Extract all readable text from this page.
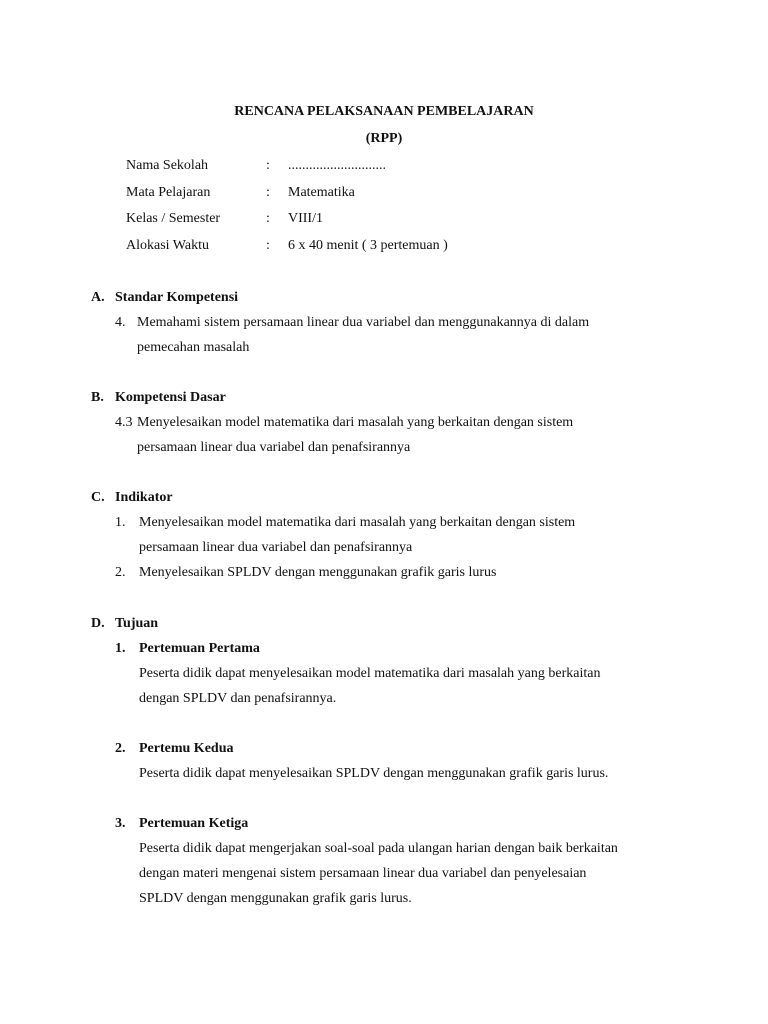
RENCANA PELAKSANAAN PEMBELAJARAN
(RPP)
Nama Sekolah	:	............................
Mata Pelajaran	:	Matematika
Kelas / Semester	:	VIII/1
Alokasi Waktu	:	6 x 40 menit ( 3 pertemuan )
A. Standar Kompetensi
4. Memahami sistem persamaan linear dua variabel dan menggunakannya di dalam
pemecahan masalah
B. Kompetensi Dasar
4.3 Menyelesaikan model matematika dari masalah yang berkaitan dengan sistem
persamaan linear dua variabel dan penafsirannya
C. Indikator
1. Menyelesaikan model matematika dari masalah yang berkaitan dengan sistem
persamaan linear dua variabel dan penafsirannya
2. Menyelesaikan SPLDV dengan menggunakan grafik garis lurus
D. Tujuan
1. Pertemuan Pertama
Peserta didik dapat menyelesaikan model matematika dari masalah yang berkaitan
dengan SPLDV dan penafsirannya.
2. Pertemu Kedua
Peserta didik dapat menyelesaikan SPLDV dengan menggunakan grafik garis lurus.
3. Pertemuan Ketiga
Peserta didik dapat mengerjakan soal-soal pada ulangan harian dengan baik berkaitan
dengan materi mengenai sistem persamaan linear dua variabel dan penyelesaian
SPLDV dengan menggunakan grafik garis lurus.
